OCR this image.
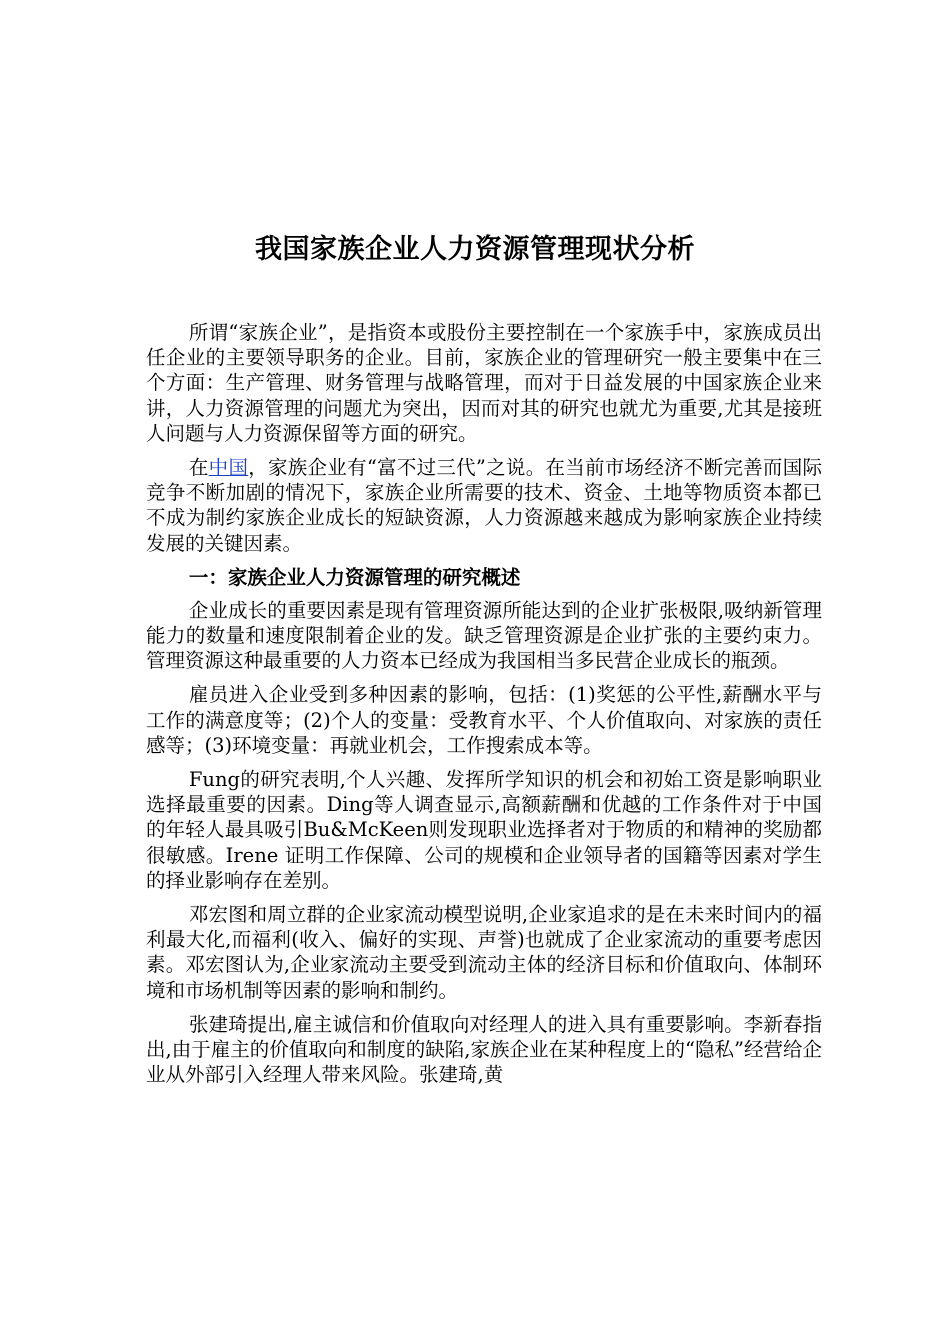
我国家族企业人力资源管理现状分析

所谓“家族企业”，是指资本或股份主要控制在一个家族手中，家族成员出任企业的主要领导职务的企业。目前，家族企业的管理研究一般主要集中在三个方面：生产管理、财务管理与战略管理，而对于日益发展的中国家族企业来讲，人力资源管理的问题尤为突出，因而对其的研究也就尤为重要,尤其是接班人问题与人力资源保留等方面的研究。

在中国，家族企业有“富不过三代”之说。在当前市场经济不断完善而国际竞争不断加剧的情况下，家族企业所需要的技术、资金、土地等物质资本都已不成为制约家族企业成长的短缺资源，人力资源越来越成为影响家族企业持续发展的关键因素。

一：家族企业人力资源管理的研究概述

企业成长的重要因素是现有管理资源所能达到的企业扩张极限,吸纳新管理能力的数量和速度限制着企业的发。缺乏管理资源是企业扩张的主要约束力。管理资源这种最重要的人力资本已经成为我国相当多民营企业成长的瓶颈。

雇员进入企业受到多种因素的影响，包括：(1)奖惩的公平性,薪酬水平与工作的满意度等；(2)个人的变量：受教育水平、个人价值取向、对家族的责任感等；(3)环境变量：再就业机会，工作搜索成本等。

Fung的研究表明,个人兴趣、发挥所学知识的机会和初始工资是影响职业选择最重要的因素。Ding等人调查显示,高额薪酬和优越的工作条件对于中国的年轻人最具吸引Bu&McKeen则发现职业选择者对于物质的和精神的奖励都很敏感。Irene 证明工作保障、公司的规模和企业领导者的国籍等因素对学生的择业影响存在差别。

邓宏图和周立群的企业家流动模型说明,企业家追求的是在未来时间内的福利最大化,而福利(收入、偏好的实现、声誉)也就成了企业家流动的重要考虑因素。邓宏图认为,企业家流动主要受到流动主体的经济目标和价值取向、体制环境和市场机制等因素的影响和制约。

张建琦提出,雇主诚信和价值取向对经理人的进入具有重要影响。李新春指出,由于雇主的价值取向和制度的缺陷,家族企业在某种程度上的“隐私”经营给企业从外部引入经理人带来风险。张建琦,黄
